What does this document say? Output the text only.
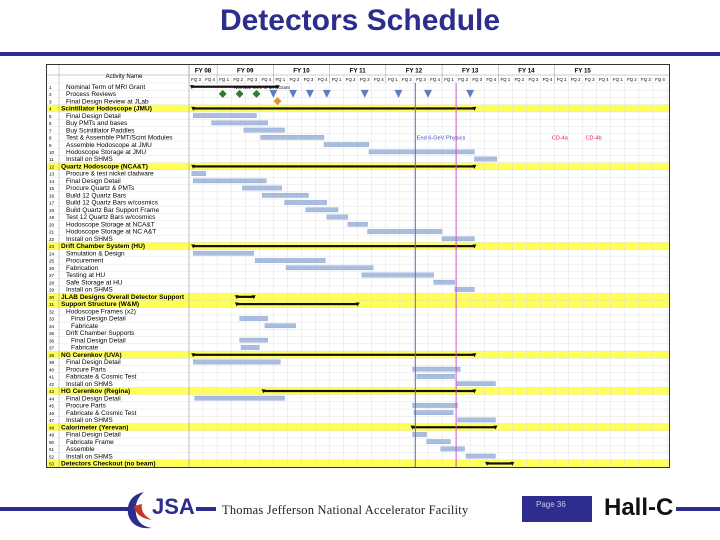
Detectors Schedule
Activity Name
FY 08	FY 09	FY 10	FY 11	FY 12	FY 13	FY 14	FY 15
FQ 3 FQ 4 FQ 1 FQ 2 FQ 3 FQ 4 FQ 1 FQ 2 FQ 3 FQ 4 FQ 1 FQ 2 FQ 3 FQ 4 FQ 1 FQ 2 FQ 3 FQ 4 FQ 1 FQ 2 FQ 3 FQ 4 FQ 1 FQ 2 FQ 3 FQ 4 FQ 1 FQ 2 FQ 3 FQ 4 FQ 1 FQ 2 FQ 3 FQ 4
1 Nominal Term of MRI Grant
2 Process Reviews
3 Final Design Review at JLab
4 Scintillator Hodoscope (JMU)
5 Final Design Detail
6 Buy PMTs and bases
7 Buy Scintillator Paddles
8 Test & Assemble PMT/Scint Modules
9 Assemble Hodoscope at JMU
10 Hodoscope Storage at JMU
11 Install on SHMS
12 Quartz Hodoscope (NCA&T)
13 Procure & test nickel cladware
14 Final Design Detail
15 Procure Quartz & PMTs
16 Build 12 Quartz Bars
17 Build 12 Quartz Bars w/cosmics
18 Build Quartz Bar Support Frame
19 Test 12 Quartz Bars w/cosmics
20 Hodoscope Storage at NCA&T
21 Hodoscope Storage at NC A&T
22 Install on SHMS
23 Drift Chamber System (HU)
24 Simulation & Design
25 Procurement
26 Fabrication
27 Testing at HU
28 Safe Storage at HU
29 Install on SHMS
30 JLAB Designs Overall Detector Support
31 Support Structure (W&M)
32 Hodoscope Frames (x2)
33	Final Design Detail
34	Fabricate
35 Drift Chamber Supports
36	Final Design Detail
37	Fabricate
38 NG Cerenkov (UVA)
39 Final Design Detail
40 Procure Parts
41 Fabricate & Cosmic Test
42 Install on SHMS
43 HG Cerenkov (Regina)
44 Final Design Detail
45 Procure Parts
46 Fabricate & Cosmic Test
47 Install on SHMS
48 Calorimeter (Yerevan)
49 Final Design Detail
50 Fabricate Frame
51 Assemble
52 Install on SHMS
53 Detectors Checkout (no beam)
Nominal Term of MRI Grant
End 6-GeV Physics	CD-4a	CD-4b
JSA Thomas Jefferson National Accelerator Facility	Page 36 Hall-C
